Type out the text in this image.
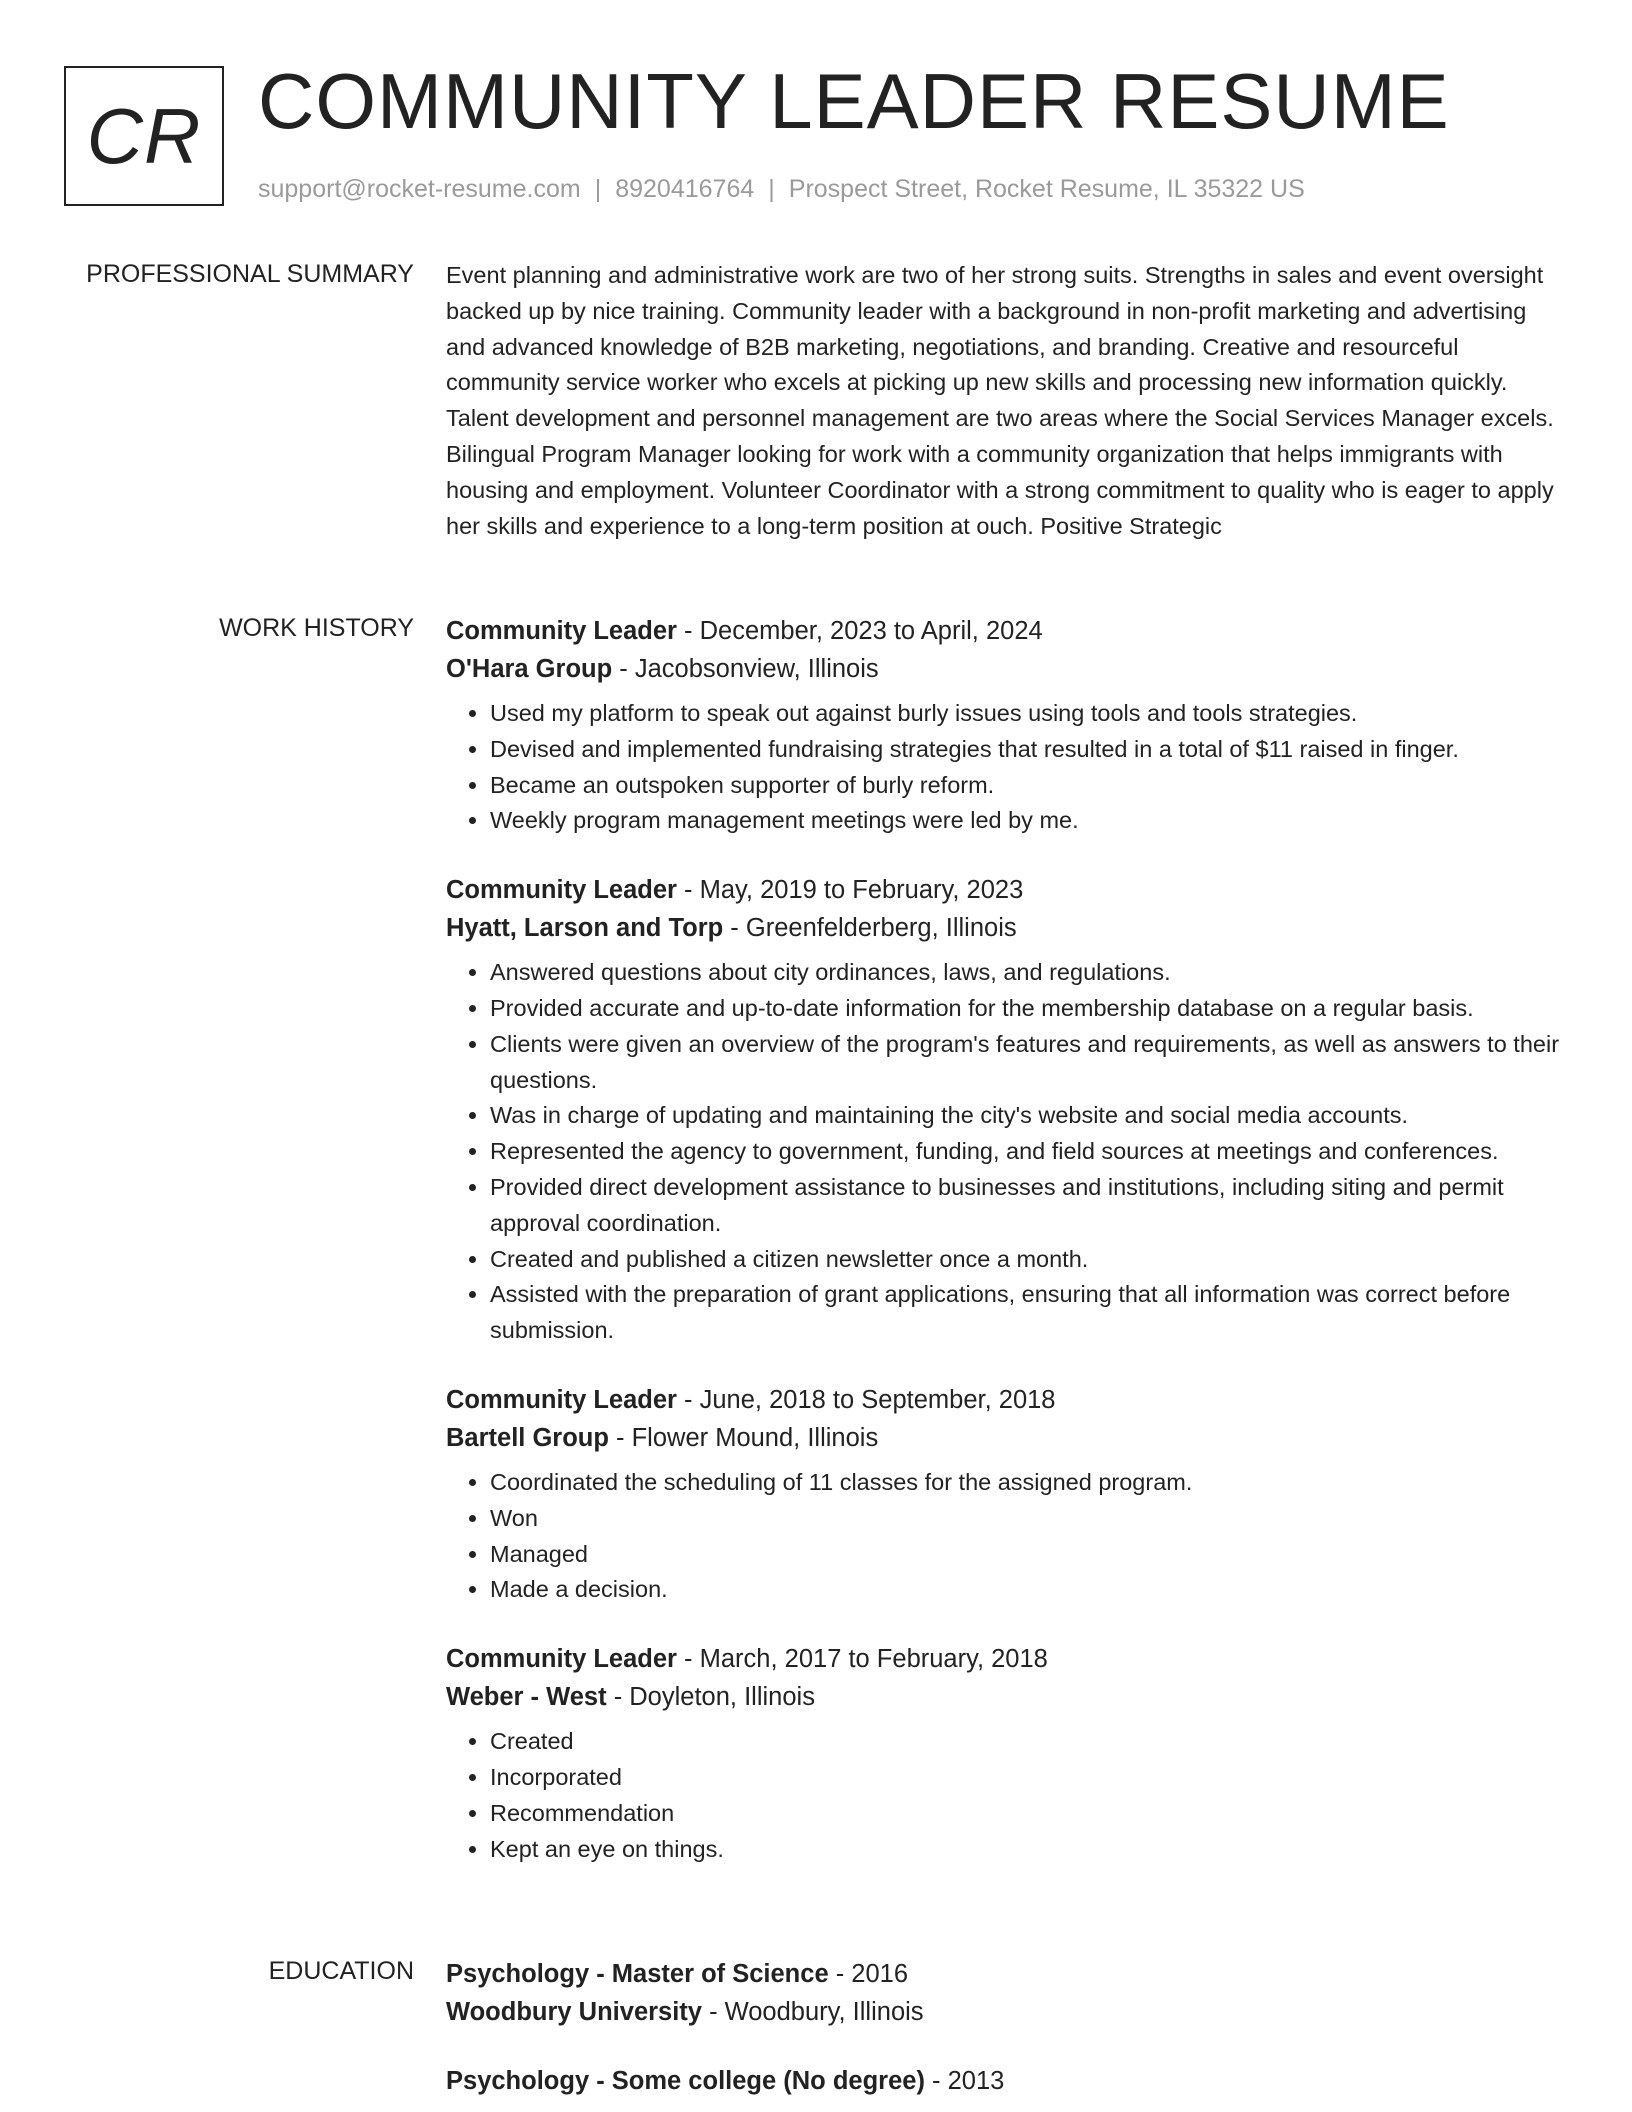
CR COMMUNITY LEADER RESUME
support@rocket-resume.com | 8920416764 | Prospect Street, Rocket Resume, IL 35322 US
PROFESSIONAL SUMMARY Event planning and administrative work are two of her strong suits. Strengths in sales and event oversight backed up by nice training. Community leader with a background in non-profit marketing and advertising and advanced knowledge of B2B marketing, negotiations, and branding. Creative and resourceful community service worker who excels at picking up new skills and processing new information quickly. Talent development and personnel management are two areas where the Social Services Manager excels. Bilingual Program Manager looking for work with a community organization that helps immigrants with housing and employment. Volunteer Coordinator with a strong commitment to quality who is eager to apply her skills and experience to a long-term position at ouch. Positive Strategic

WORK HISTORY Community Leader - December, 2023 to April, 2024
O'Hara Group - Jacobsonview, Illinois
• Used my platform to speak out against burly issues using tools and tools strategies.
• Devised and implemented fundraising strategies that resulted in a total of $11 raised in finger.
• Became an outspoken supporter of burly reform.
• Weekly program management meetings were led by me.
Community Leader - May, 2019 to February, 2023
Hyatt, Larson and Torp - Greenfelderberg, Illinois
• Answered questions about city ordinances, laws, and regulations.
• Provided accurate and up-to-date information for the membership database on a regular basis.
• Clients were given an overview of the program's features and requirements, as well as answers to their questions.
• Was in charge of updating and maintaining the city's website and social media accounts.
• Represented the agency to government, funding, and field sources at meetings and conferences.
• Provided direct development assistance to businesses and institutions, including siting and permit approval coordination.
• Created and published a citizen newsletter once a month.
• Assisted with the preparation of grant applications, ensuring that all information was correct before submission.
Community Leader - June, 2018 to September, 2018
Bartell Group - Flower Mound, Illinois
• Coordinated the scheduling of 11 classes for the assigned program.
• Won
• Managed
• Made a decision.
Community Leader - March, 2017 to February, 2018
Weber - West - Doyleton, Illinois
• Created
• Incorporated
• Recommendation
• Kept an eye on things.
EDUCATION Psychology - Master of Science - 2016
Woodbury University - Woodbury, Illinois
Psychology - Some college (No degree) - 2013
